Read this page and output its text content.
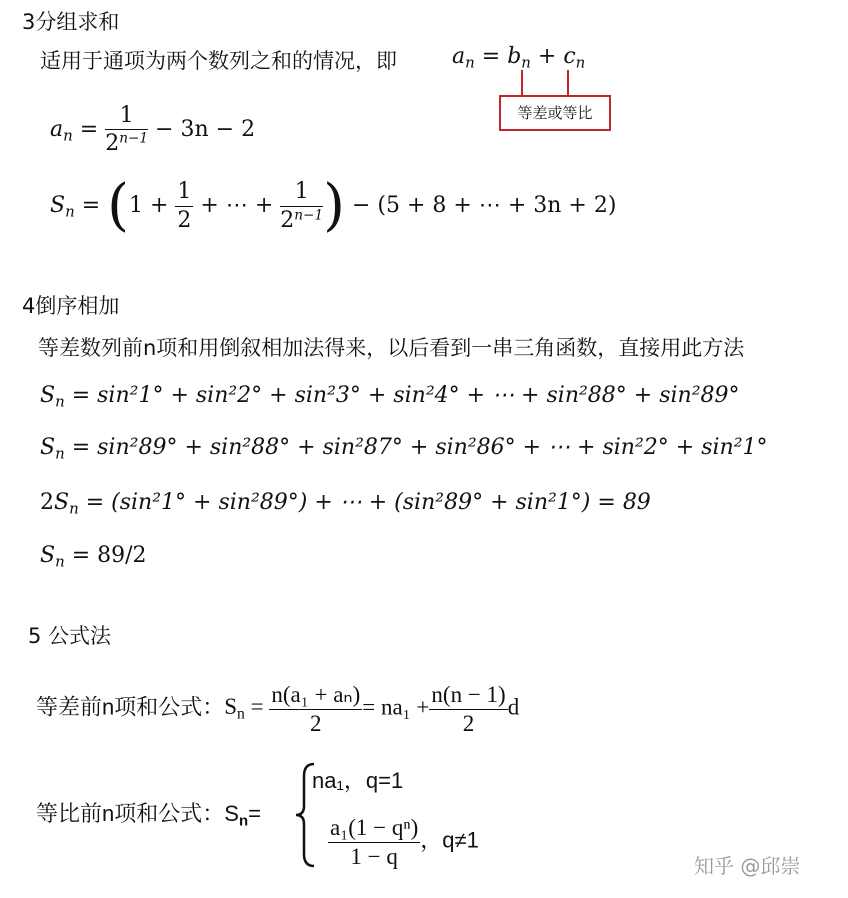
3分组求和
适用于通项为两个数列之和的情况，即	$a_n = b_n + c_n$
等差或等比
$a_n = \frac{1}{2^{n-1}} - 3n - 2$
$S_n = (1 + \frac{1}{2}$ + ⋯ + $\frac{1}{2^{n-1}}$ ) − (5 + 8 + ⋯ + 3n + 2)
4倒序相加
等差数列前n项和用倒叙相加法得来，以后看到一串三角函数，直接用此方法
$S_n = \sin^21^\circ + \sin^22^\circ + \sin^23^\circ + \sin^24^\circ$ + ⋯ + sin²88° + sin²89°
$S_n = \sin^289^\circ + \sin^288^\circ + \sin^287^\circ + \sin^286^\circ$ + ⋯ + sin²2° + sin²1°
$2S_n = (\sin^21^\circ + \sin^289^\circ)$ + ⋯ + (sin²89° + sin²1°) = 89
$S_n = 89/2$
5 公式法
等差前n项和公式：$S_n = \frac{\text{n(a₁ + aₙ)}}{2} = na_1 + \frac{n(n - 1)}{2}$ d
等比前n项和公式：$S_n=$
na₁，q=1
$\frac{\text{a₁(1 − qⁿ)}}{1 - q}$ ，q≠1
知乎 @邱崇
